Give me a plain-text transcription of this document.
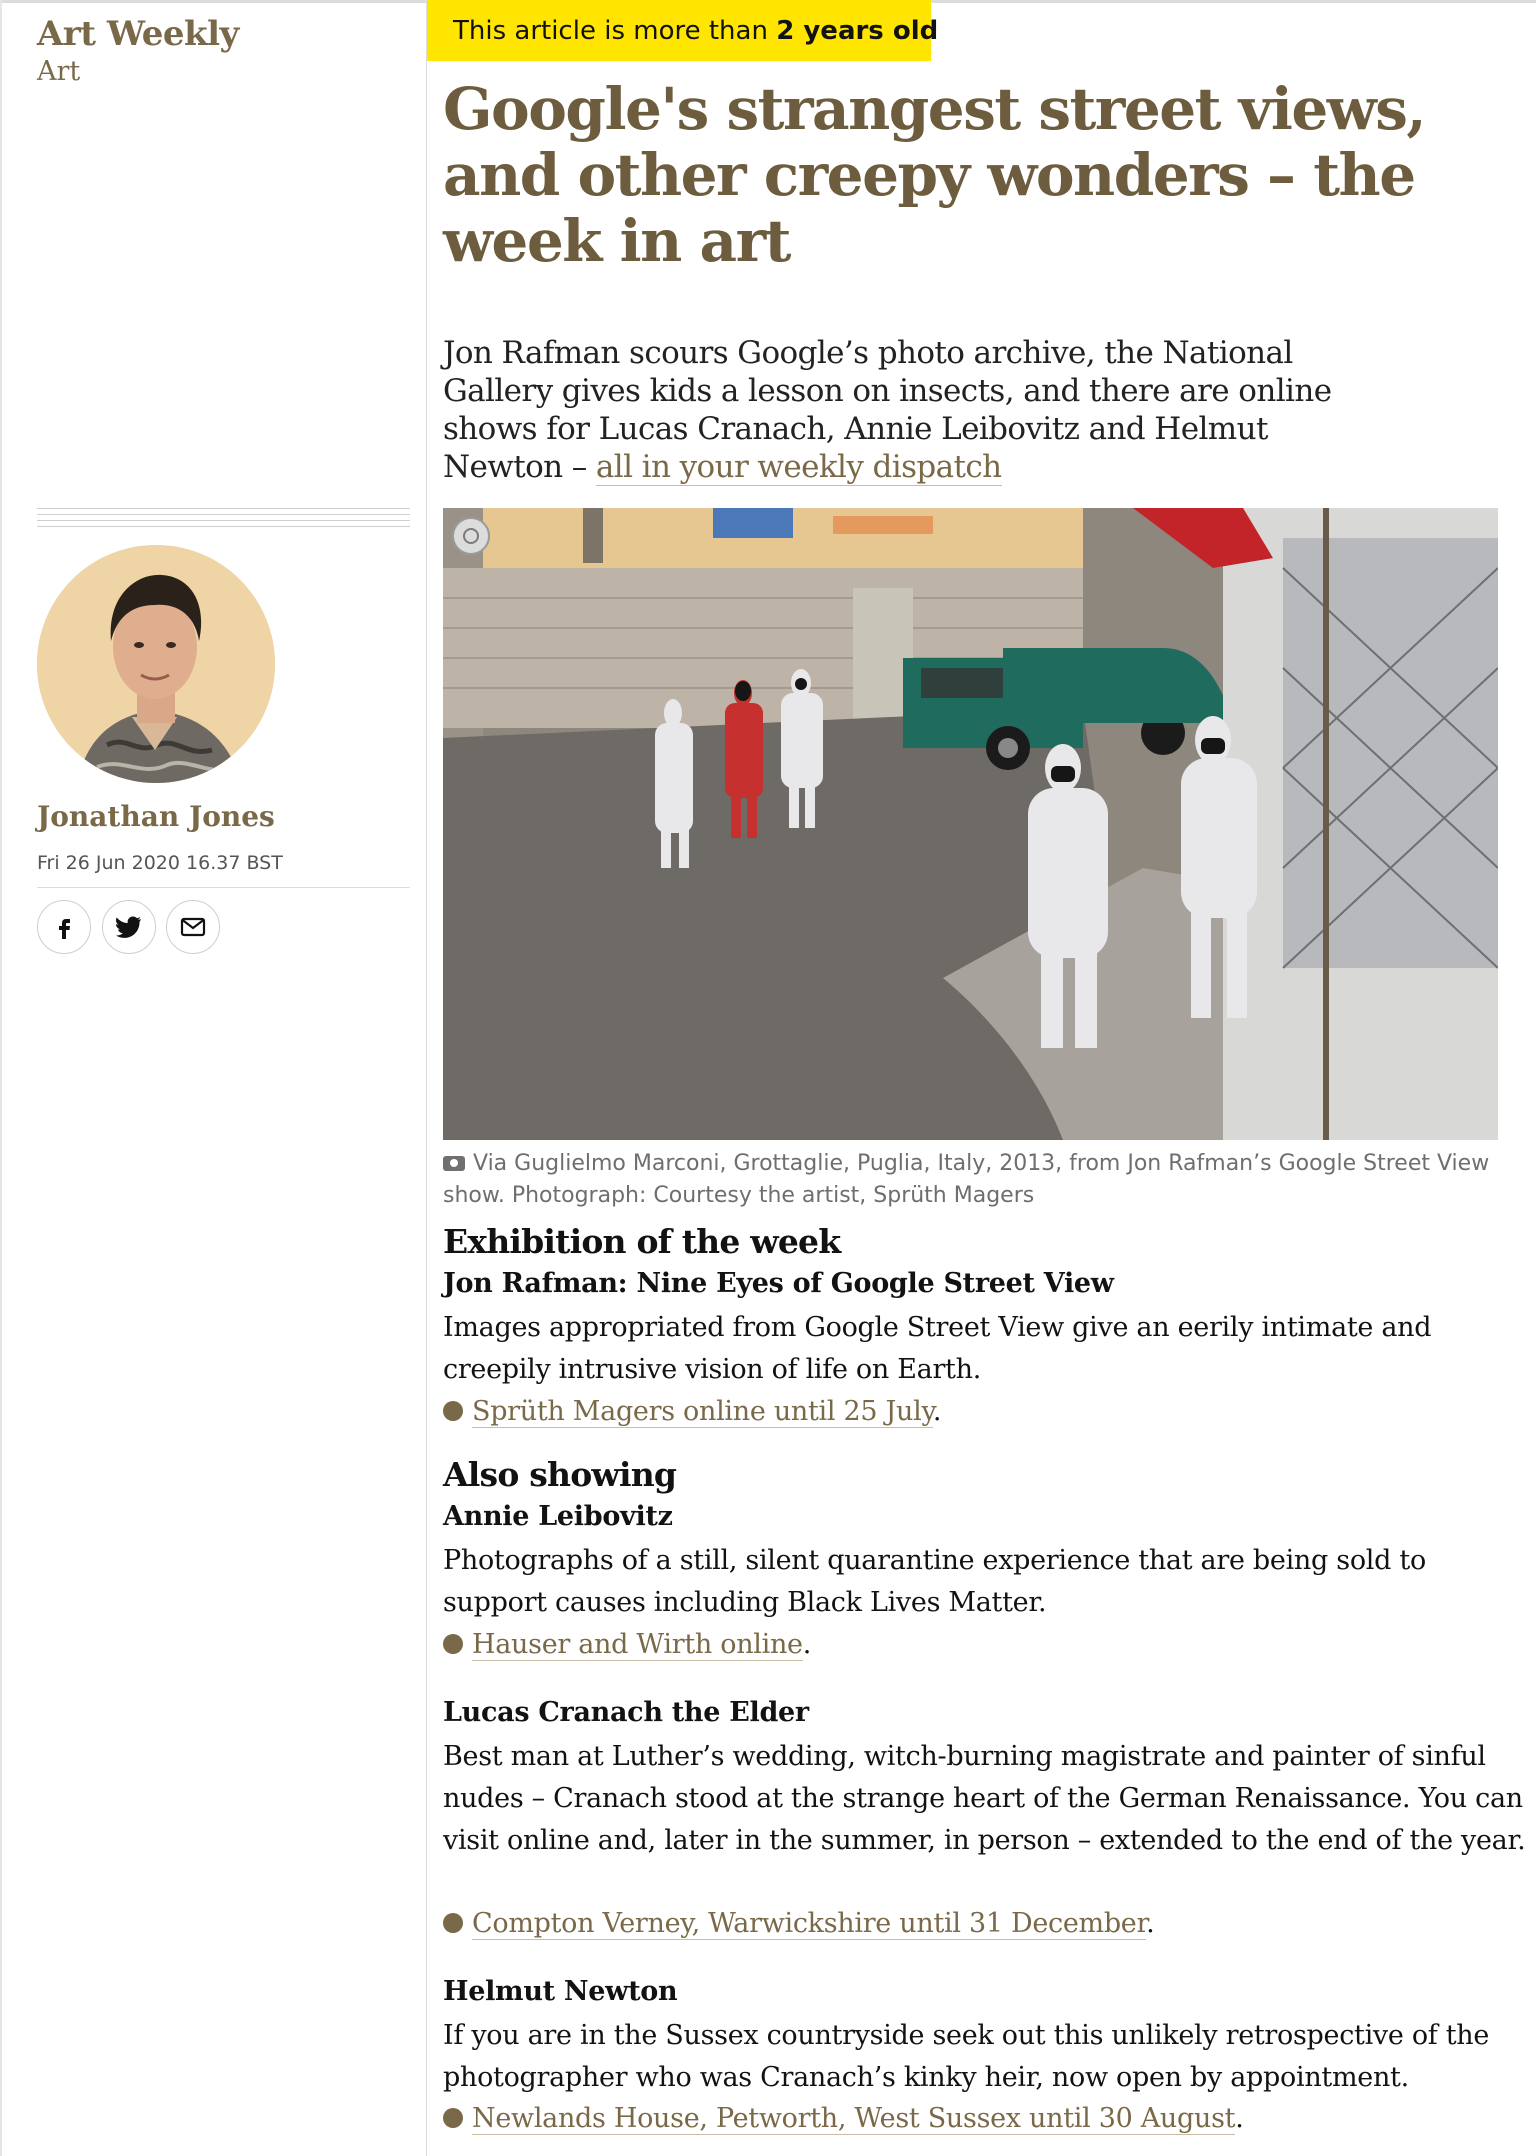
Art Weekly
Art
Jonathan Jones
Fri 26 Jun 2020 16.37 BST
This article is more than 2 years old
Google's strangest street views, and other creepy wonders – the week in art

Jon Rafman scours Google’s photo archive, the National Gallery gives kids a lesson on insects, and there are online shows for Lucas Cranach, Annie Leibovitz and Helmut Newton – all in your weekly dispatch

Via Guglielmo Marconi, Grottaglie, Puglia, Italy, 2013, from Jon Rafman’s Google Street View show. Photograph: Courtesy the artist, Sprüth Magers

Exhibition of the week
Jon Rafman: Nine Eyes of Google Street View

Images appropriated from Google Street View give an eerily intimate and creepily intrusive vision of life on Earth.

Sprüth Magers online until 25 July.

Also showing
Annie Leibovitz

Photographs of a still, silent quarantine experience that are being sold to support causes including Black Lives Matter.

Hauser and Wirth online.

Lucas Cranach the Elder

Best man at Luther’s wedding, witch-burning magistrate and painter of sinful nudes – Cranach stood at the strange heart of the German Renaissance. You can visit online and, later in the summer, in person – extended to the end of the year.

Compton Verney, Warwickshire until 31 December.

Helmut Newton

If you are in the Sussex countryside seek out this unlikely retrospective of the photographer who was Cranach’s kinky heir, now open by appointment.

Newlands House, Petworth, West Sussex until 30 August.
